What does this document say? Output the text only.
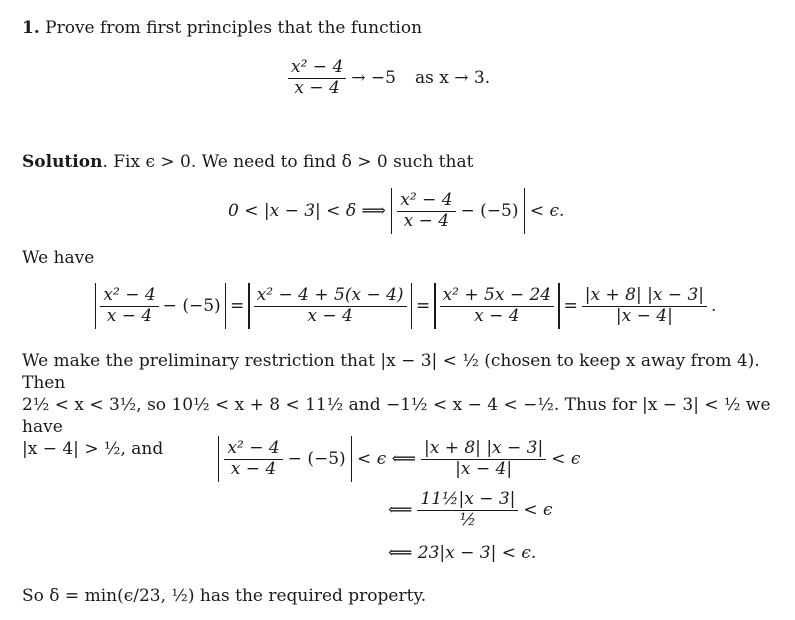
1. Prove from first principles that the function
$\frac{\text{x² − 4}}{x - 4} \to -5$ as x → 3.
Solution. Fix ϵ > 0. We need to find δ > 0 such that
0 < |x − 3| < δ ⟹ $\frac{\text{x² − 4}}{x - 4} - (-5) < \epsilon$.
We have
$\frac{\text{x² − 4}}{x - 4} - (-5) = \frac{\text{x² − 4 + 5(x − 4)}}{x - 4} = \frac{\text{x² + 5x − 24}}{x - 4} = \frac{|x + 8| |x - 3|}{|x - 4|}$ .
We make the preliminary restriction that |x − 3| < ½ (chosen to keep x away from 4). Then
2½ < x < 3½, so 10½ < x + 8 < 11½ and −1½ < x − 4 < −½. Thus for |x − 3| < ½ we have
|x − 4| > ½, and	$\frac{\text{x² − 4}}{x - 4} - (-5) < \epsilon$ ⟸ $\frac{|x + 8| |x - 3|}{|x - 4|} < \epsilon$
⟸ $\frac{\text{11½|x − 3|}}{\text{½}} < \epsilon$
⟸ 23|x − 3| < ϵ.
So δ = min(ϵ/23, ½) has the required property.
